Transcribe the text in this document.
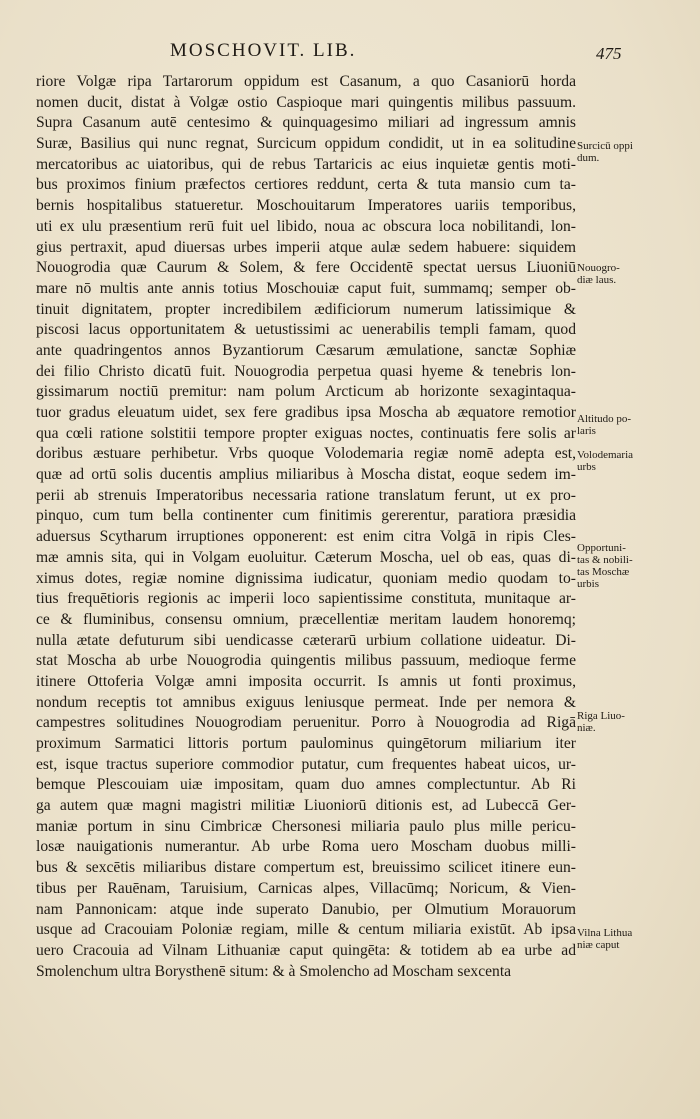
MOSCHOVIT. LIB.	475
riore Volgæ ripa Tartarorum oppidum est Casanum, a quo Casaniorū horda
nomen ducit, distat à Volgæ ostio Caspioque mari quingentis milibus passuum.
Supra Casanum autē centesimo & quinquagesimo miliari ad ingressum amnis
Suræ, Basilius qui nunc regnat, Surcicum oppidum condidit, ut in ea solitudine
mercatoribus ac uiatoribus, qui de rebus Tartaricis ac eius inquietæ gentis moti-
bus proximos finium præfectos certiores reddunt, certa & tuta mansio cum ta-
bernis hospitalibus statueretur. Moschouitarum Imperatores uariis temporibus,
uti ex ulu præsentium rerū fuit uel libido, noua ac obscura loca nobilitandi, lon-
gius pertraxit, apud diuersas urbes imperii atque aulæ sedem habuere: siquidem
Nouogrodia quæ Caurum & Solem, & fere Occidentē spectat uersus Liuoniū
mare nō multis ante annis totius Moschouiæ caput fuit, summamq; semper ob-
tinuit dignitatem, propter incredibilem ædificiorum numerum latissimique &
piscosi lacus opportunitatem & uetustissimi ac uenerabilis templi famam, quod
ante quadringentos annos Byzantiorum Cæsarum æmulatione, sanctæ Sophiæ
dei filio Christo dicatū fuit. Nouogrodia perpetua quasi hyeme & tenebris lon-
gissimarum noctiū premitur: nam polum Arcticum ab horizonte sexagintaqua-
tuor gradus eleuatum uidet, sex fere gradibus ipsa Moscha ab æquatore remotior
qua cœli ratione solstitii tempore propter exiguas noctes, continuatis fere solis ar
doribus æstuare perhibetur. Vrbs quoque Volodemaria regiæ nomē adepta est,
quæ ad ortū solis ducentis amplius miliaribus à Moscha distat, eoque sedem im-
perii ab strenuis Imperatoribus necessaria ratione translatum ferunt, ut ex pro-
pinquo, cum tum bella continenter cum finitimis gererentur, paratiora præsidia
aduersus Scytharum irruptiones opponerent: est enim citra Volgā in ripis Cles-
mæ amnis sita, qui in Volgam euoluitur. Cæterum Moscha, uel ob eas, quas di-
ximus dotes, regiæ nomine dignissima iudicatur, quoniam medio quodam to-
tius frequētioris regionis ac imperii loco sapientissime constituta, munitaque ar-
ce & fluminibus, consensu omnium, præcellentiæ meritam laudem honoremq;
nulla ætate defuturum sibi uendicasse cæterarū urbium collatione uideatur. Di-
stat Moscha ab urbe Nouogrodia quingentis milibus passuum, medioque ferme
itinere Ottoferia Volgæ amni imposita occurrit. Is amnis ut fonti proximus,
nondum receptis tot amnibus exiguus leniusque permeat. Inde per nemora &
campestres solitudines Nouogrodiam peruenitur. Porro à Nouogrodia ad Rigā
proximum Sarmatici littoris portum paulominus quingētorum miliarium iter
est, isque tractus superiore commodior putatur, cum frequentes habeat uicos, ur-
bemque Plescouiam uiæ impositam, quam duo amnes complectuntur. Ab Ri
ga autem quæ magni magistri militiæ Liuoniorū ditionis est, ad Lubeccā Ger-
maniæ portum in sinu Cimbricæ Chersonesi miliaria paulo plus mille pericu-
losæ nauigationis numerantur. Ab urbe Roma uero Moscham duobus milli-
bus & sexcētis miliaribus distare compertum est, breuissimo scilicet itinere eun-
tibus per Rauēnam, Taruisium, Carnicas alpes, Villacūmq; Noricum, & Vien-
nam Pannonicam: atque inde superato Danubio, per Olmutium Morauorum
usque ad Cracouiam Poloniæ regiam, mille & centum miliaria existūt. Ab ipsa
uero Cracouia ad Vilnam Lithuaniæ caput quingēta: & totidem ab ea urbe ad
Smolenchum ultra Borysthenē situm: & à Smolencho ad Moscham sexcenta
Surcicū oppi
dum.
Nouogro-
diæ laus.
Altitudo po-
laris
Volodemaria
urbs
Opportuni-
tas & nobili-
tas Moschæ
urbis
Riga Liuo-
niæ.
Vilna Lithua
niæ caput
